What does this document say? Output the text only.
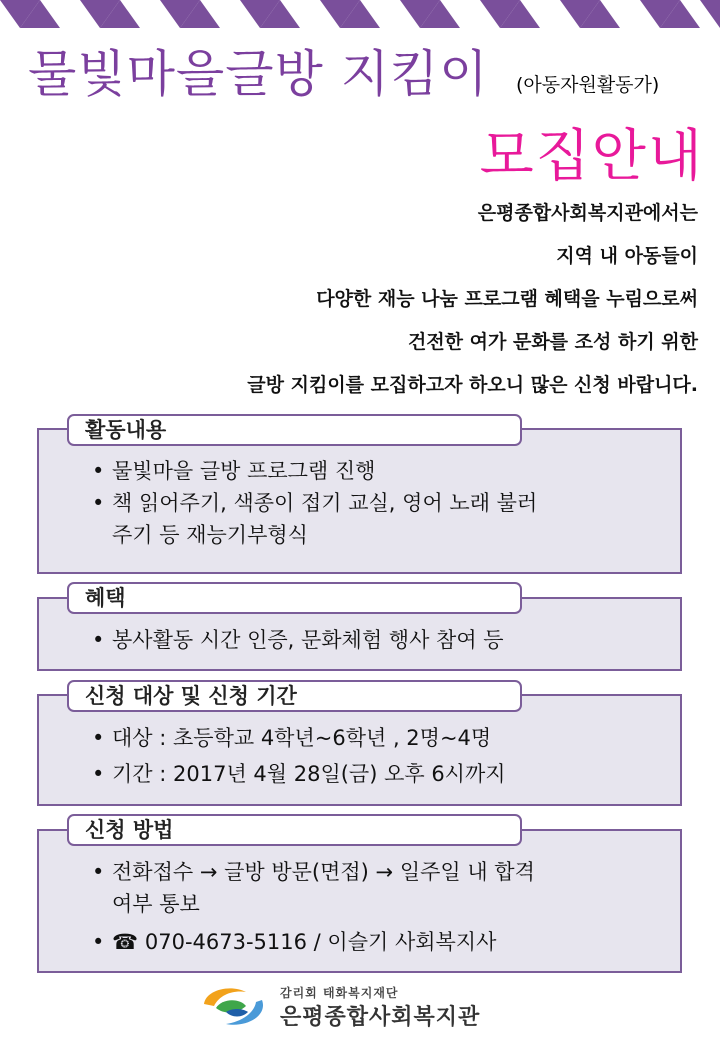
물빛마을글방 지킴이 (아동자원활동가)
모집안내
은평종합사회복지관에서는
지역 내 아동들이
다양한 재능 나눔 프로그램 혜택을 누림으로써
건전한 여가 문화를 조성 하기 위한
글방 지킴이를 모집하고자 하오니 많은 신청 바랍니다.
활동내용
• 물빛마을 글방 프로그램 진행
• 책 읽어주기, 색종이 접기 교실, 영어 노래 불러
주기 등 재능기부형식
혜택
• 봉사활동 시간 인증, 문화체험 행사 참여 등
신청 대상 및 신청 기간
• 대상 : 초등학교 4학년~6학년 , 2명~4명
• 기간 : 2017년 4월 28일(금) 오후 6시까지
신청 방법
• 전화접수 → 글방 방문(면접) → 일주일 내 합격
여부 통보
• ☎ 070-4673-5116 / 이슬기 사회복지사
감리회 태화복지재단
은평종합사회복지관
